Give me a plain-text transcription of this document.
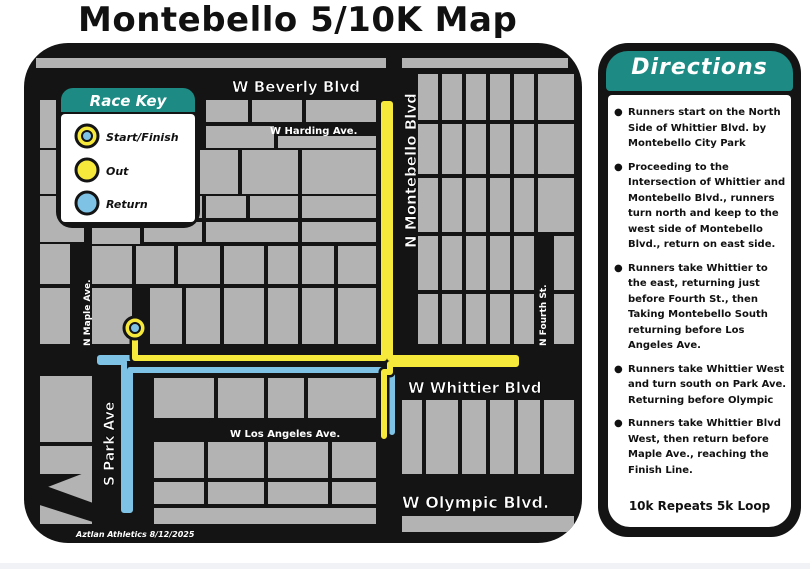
Montebello 5/10K Map
W Beverly Blvd
W Harding Ave.	N Montebello Blvd
N Maple Ave.	N Fourth St.
W Whittier Blvd
W Los Angeles Ave.
S Park Ave
W Olympic Blvd.
Race Key
Start/Finish
Out
Return
Aztlan Athletics 8/12/2025
Directions
● Runners start on the North Side of Whittier Blvd. by Montebello City Park
● Proceeding to the Intersection of Whittier and Montebello Blvd., runners turn north and keep to the west side of Montebello Blvd., return on east side.
● Runners take Whittier to the east, returning just before Fourth St., then Taking Montebello South returning before Los Angeles Ave.
● Runners take Whittier West and turn south on Park Ave. Returning before Olympic
● Runners take Whittier Blvd West, then return before Maple Ave., reaching the Finish Line.
10k Repeats 5k Loop
